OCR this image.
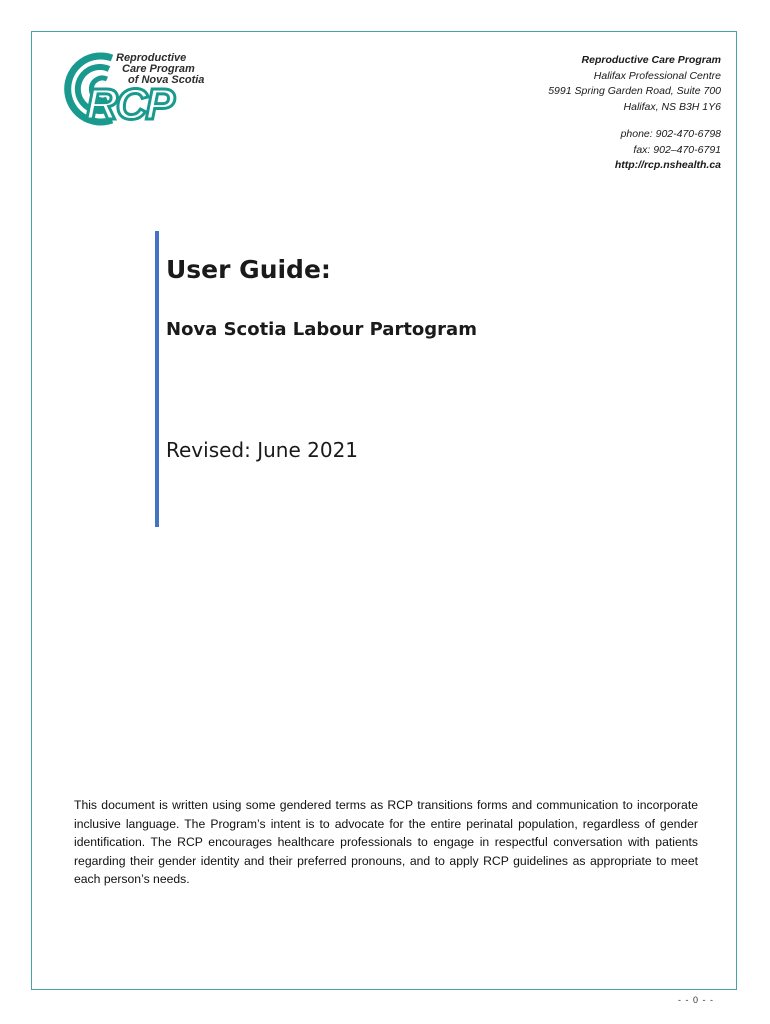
Reproductive
Care Program
of Nova Scotia
RCP
Reproductive Care Program
Halifax Professional Centre
5991 Spring Garden Road, Suite 700
Halifax, NS B3H 1Y6
phone: 902-470-6798
fax: 902–470-6791
http://rcp.nshealth.ca
User Guide:
Nova Scotia Labour Partogram
Revised: June 2021
This document is written using some gendered terms as RCP transitions forms and communication to incorporate inclusive language. The Program’s intent is to advocate for the entire perinatal population, regardless of gender identification. The RCP encourages healthcare professionals to engage in respectful conversation with patients regarding their gender identity and their preferred pronouns, and to apply RCP guidelines as appropriate to meet each person’s needs.
- - 0 - -
